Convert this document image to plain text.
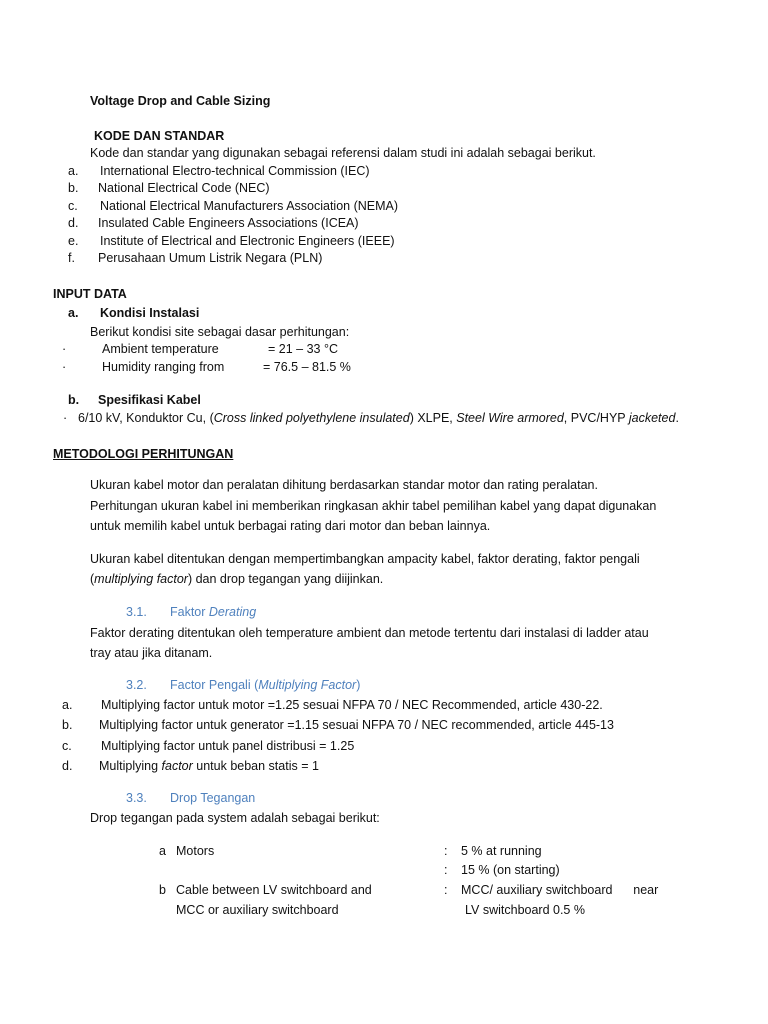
Voltage Drop and Cable Sizing
KODE DAN STANDAR
Kode dan standar yang digunakan sebagai referensi dalam studi ini adalah sebagai berikut.
a. International Electro-technical Commission (IEC)
b. National Electrical Code (NEC)
c. National Electrical Manufacturers Association (NEMA)
d. Insulated Cable Engineers Associations (ICEA)
e. Institute of Electrical and Electronic Engineers (IEEE)
f. Perusahaan Umum Listrik Negara (PLN)
INPUT DATA
a. Kondisi Instalasi
Berikut kondisi site sebagai dasar perhitungan:
·	Ambient temperature	= 21 – 33 °C
·	Humidity ranging from	= 76.5 – 81.5 %
b. Spesifikasi Kabel
· 6/10 kV, Konduktor Cu, (Cross linked polyethylene insulated) XLPE, Steel Wire armored, PVC/HYP jacketed.
METODOLOGI PERHITUNGAN
Ukuran kabel motor dan peralatan dihitung berdasarkan standar motor dan rating peralatan.
Perhitungan ukuran kabel ini memberikan ringkasan akhir tabel pemilihan kabel yang dapat digunakan
untuk memilih kabel untuk berbagai rating dari motor dan beban lainnya.
Ukuran kabel ditentukan dengan mempertimbangkan ampacity kabel, faktor derating, faktor pengali
(multiplying factor) dan drop tegangan yang diijinkan.
3.1. Faktor Derating
Faktor derating ditentukan oleh temperature ambient dan metode tertentu dari instalasi di ladder atau
tray atau jika ditanam.
3.2. Factor Pengali (Multiplying Factor)
a. Multiplying factor untuk motor =1.25 sesuai NFPA 70 / NEC Recommended, article 430-22.
b. Multiplying factor untuk generator =1.15 sesuai NFPA 70 / NEC recommended, article 445-13
c. Multiplying factor untuk panel distribusi = 1.25
d. Multiplying factor untuk beban statis = 1
3.3. Drop Tegangan
Drop tegangan pada system adalah sebagai berikut:
a Motors	: 5 % at running
: 15 % (on starting)
b Cable between LV switchboard and	: MCC/ auxiliary switchboard      near
MCC or auxiliary switchboard	LV switchboard 0.5 %
